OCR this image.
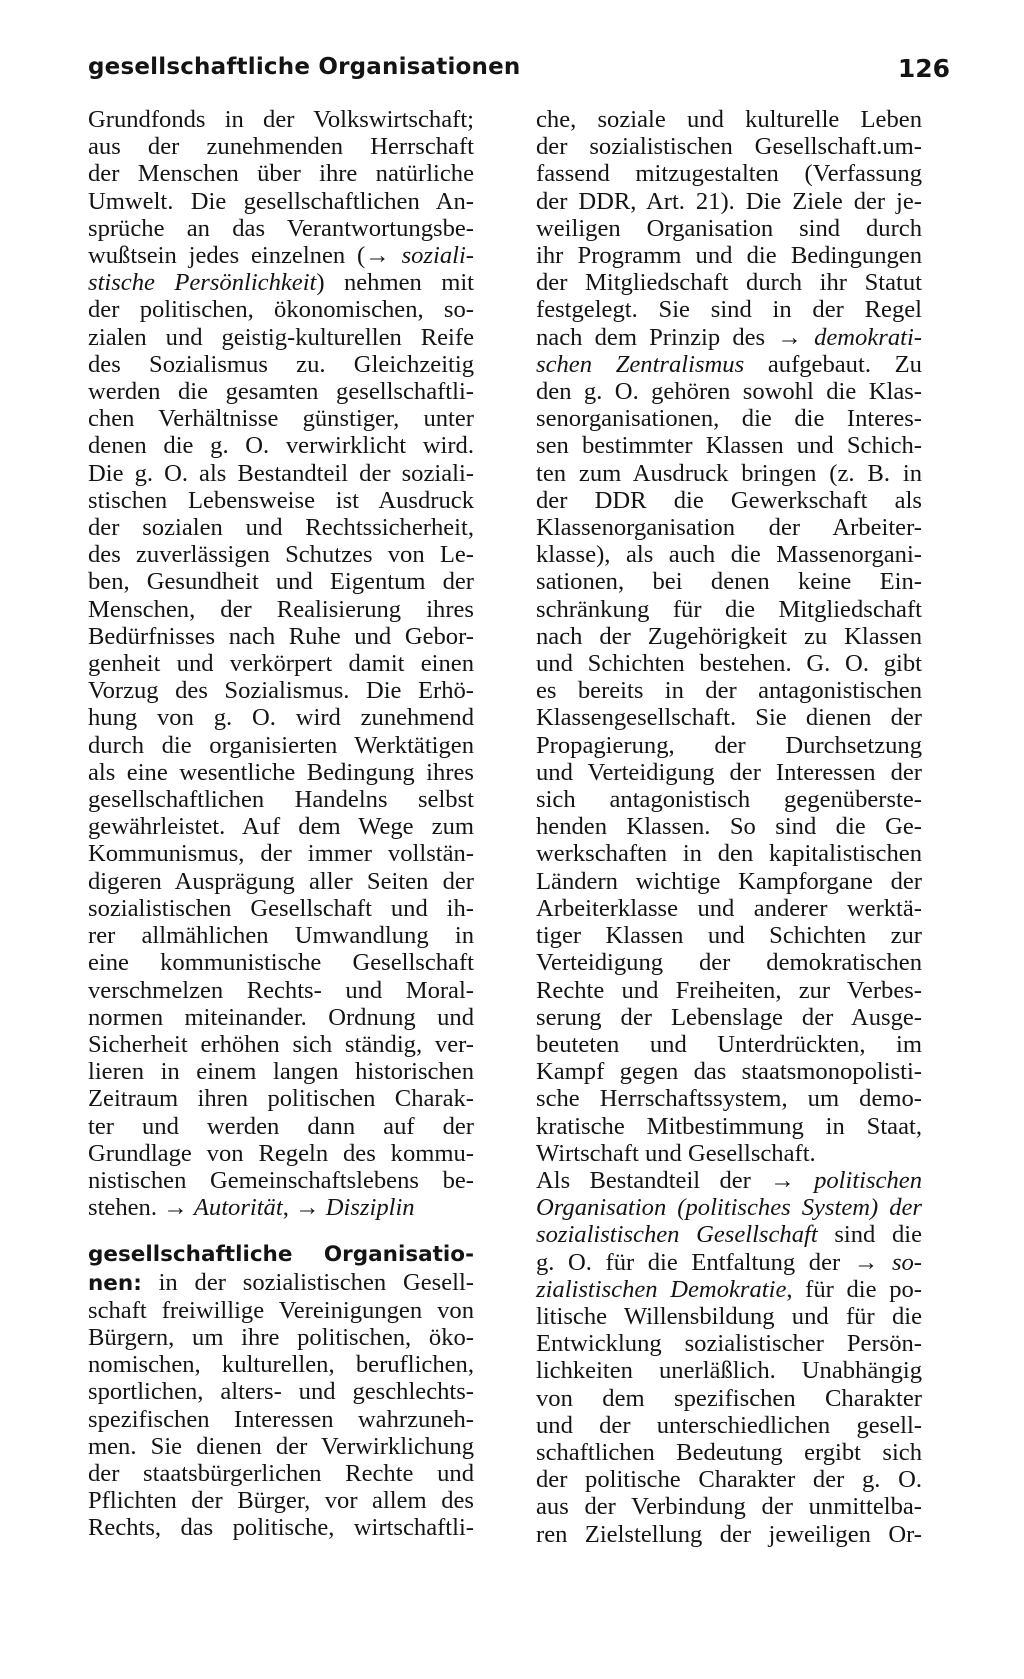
gesellschaftliche Organisationen	126
Grundfonds in der Volkswirtschaft;
aus der zunehmenden Herrschaft
der Menschen über ihre natürliche
Umwelt. Die gesellschaftlichen An-
sprüche an das Verantwortungsbe-
wußtsein jedes einzelnen (→ soziali-
stische Persönlichkeit) nehmen mit
der politischen, ökonomischen, so-
zialen und geistig-kulturellen Reife
des Sozialismus zu. Gleichzeitig
werden die gesamten gesellschaftli-
chen Verhältnisse günstiger, unter
denen die g. O. verwirklicht wird.
Die g. O. als Bestandteil der soziali-
stischen Lebensweise ist Ausdruck
der sozialen und Rechtssicherheit,
des zuverlässigen Schutzes von Le-
ben, Gesundheit und Eigentum der
Menschen, der Realisierung ihres
Bedürfnisses nach Ruhe und Gebor-
genheit und verkörpert damit einen
Vorzug des Sozialismus. Die Erhö-
hung von g. O. wird zunehmend
durch die organisierten Werktätigen
als eine wesentliche Bedingung ihres
gesellschaftlichen Handelns selbst
gewährleistet. Auf dem Wege zum
Kommunismus, der immer vollstän-
digeren Ausprägung aller Seiten der
sozialistischen Gesellschaft und ih-
rer allmählichen Umwandlung in
eine kommunistische Gesellschaft
verschmelzen Rechts- und Moral-
normen miteinander. Ordnung und
Sicherheit erhöhen sich ständig, ver-
lieren in einem langen historischen
Zeitraum ihren politischen Charak-
ter und werden dann auf der
Grundlage von Regeln des kommu-
nistischen Gemeinschaftslebens be-
stehen. → Autorität, → Disziplin
gesellschaftliche Organisatio-
nen: in der sozialistischen Gesell-
schaft freiwillige Vereinigungen von
Bürgern, um ihre politischen, öko-
nomischen, kulturellen, beruflichen,
sportlichen, alters- und geschlechts-
spezifischen Interessen wahrzuneh-
men. Sie dienen der Verwirklichung
der staatsbürgerlichen Rechte und
Pflichten der Bürger, vor allem des
Rechts, das politische, wirtschaftli-
che, soziale und kulturelle Leben
der sozialistischen Gesellschaft.um-
fassend mitzugestalten (Verfassung
der DDR, Art. 21). Die Ziele der je-
weiligen Organisation sind durch
ihr Programm und die Bedingungen
der Mitgliedschaft durch ihr Statut
festgelegt. Sie sind in der Regel
nach dem Prinzip des → demokrati-
schen Zentralismus aufgebaut. Zu
den g. O. gehören sowohl die Klas-
senorganisationen, die die Interes-
sen bestimmter Klassen und Schich-
ten zum Ausdruck bringen (z. B. in
der DDR die Gewerkschaft als
Klassenorganisation der Arbeiter-
klasse), als auch die Massenorgani-
sationen, bei denen keine Ein-
schränkung für die Mitgliedschaft
nach der Zugehörigkeit zu Klassen
und Schichten bestehen. G. O. gibt
es bereits in der antagonistischen
Klassengesellschaft. Sie dienen der
Propagierung, der Durchsetzung
und Verteidigung der Interessen der
sich antagonistisch gegenüberste-
henden Klassen. So sind die Ge-
werkschaften in den kapitalistischen
Ländern wichtige Kampforgane der
Arbeiterklasse und anderer werktä-
tiger Klassen und Schichten zur
Verteidigung der demokratischen
Rechte und Freiheiten, zur Verbes-
serung der Lebenslage der Ausge-
beuteten und Unterdrückten, im
Kampf gegen das staatsmonopolisti-
sche Herrschaftssystem, um demo-
kratische Mitbestimmung in Staat,
Wirtschaft und Gesellschaft.
Als Bestandteil der → politischen
Organisation (politisches System) der
sozialistischen Gesellschaft sind die
g. O. für die Entfaltung der → so-
zialistischen Demokratie, für die po-
litische Willensbildung und für die
Entwicklung sozialistischer Persön-
lichkeiten unerläßlich. Unabhängig
von dem spezifischen Charakter
und der unterschiedlichen gesell-
schaftlichen Bedeutung ergibt sich
der politische Charakter der g. O.
aus der Verbindung der unmittelba-
ren Zielstellung der jeweiligen Or-
